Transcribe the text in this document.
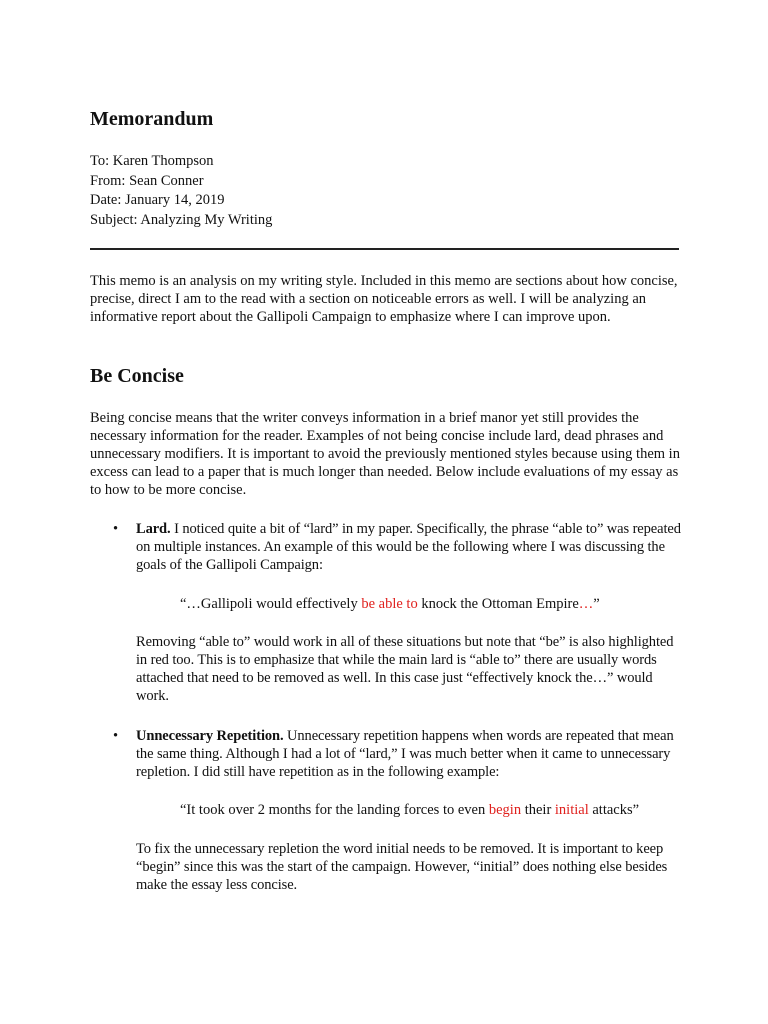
Memorandum
To: Karen Thompson
From: Sean Conner
Date: January 14, 2019
Subject: Analyzing My Writing

This memo is an analysis on my writing style. Included in this memo are sections about how concise, precise, direct I am to the read with a section on noticeable errors as well. I will be analyzing an informative report about the Gallipoli Campaign to emphasize where I can improve upon.

Be Concise

Being concise means that the writer conveys information in a brief manor yet still provides the necessary information for the reader. Examples of not being concise include lard, dead phrases and unnecessary modifiers. It is important to avoid the previously mentioned styles because using them in excess can lead to a paper that is much longer than needed. Below include evaluations of my essay as to how to be more concise.

• Lard. I noticed quite a bit of “lard” in my paper. Specifically, the phrase “able to” was repeated on multiple instances. An example of this would be the following where I was discussing the goals of the Gallipoli Campaign:

“…Gallipoli would effectively be able to knock the Ottoman Empire…”

Removing “able to” would work in all of these situations but note that “be” is also highlighted in red too. This is to emphasize that while the main lard is “able to” there are usually words attached that need to be removed as well. In this case just “effectively knock the…” would work.

• Unnecessary Repetition. Unnecessary repetition happens when words are repeated that mean the same thing. Although I had a lot of “lard,” I was much better when it came to unnecessary repletion. I did still have repetition as in the following example:

“It took over 2 months for the landing forces to even begin their initial attacks”

To fix the unnecessary repletion the word initial needs to be removed. It is important to keep “begin” since this was the start of the campaign. However, “initial” does nothing else besides make the essay less concise.
